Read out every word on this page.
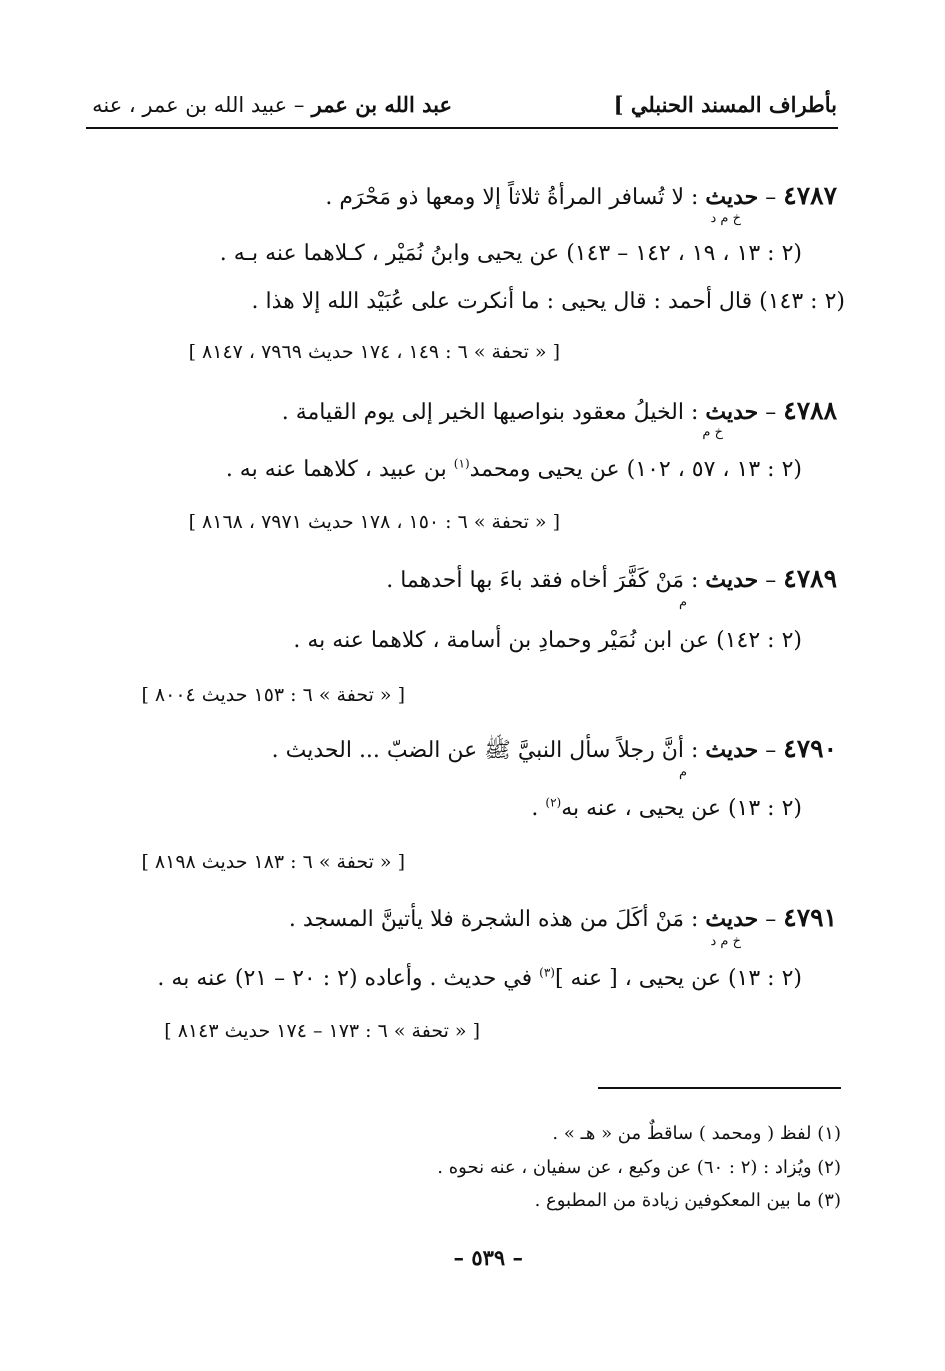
بأطراف المسند الحنبلي ]
عبد الله بن عمر – عبيد الله بن عمر ، عنه
٤٧٨٧ – حديث : لا تُسافر المرأةُ ثلاثاً إلا ومعها ذو مَحْرَم .
خ م د
(٢ : ١٣ ، ١٩ ، ١٤٢ – ١٤٣) عن يحيى وابنُ نُمَيْر ، كـلاهما عنه بـه .
(٢ : ١٤٣) قال أحمد : قال يحيى : ما أنكرت على عُبَيْد الله إلا هذا .
[ « تحفة » ٦ : ١٤٩ ، ١٧٤ حديث ٧٩٦٩ ، ٨١٤٧ ]
٤٧٨٨ – حديث : الخيلُ معقود بنواصيها الخير إلى يوم القيامة .
خ م
(٢ : ١٣ ، ٥٧ ، ١٠٢) عن يحيى ومحمد$^{(١)}$ بن عبيد ، كلاهما عنه به .
[ « تحفة » ٦ : ١٥٠ ، ١٧٨ حديث ٧٩٧١ ، ٨١٦٨ ]
٤٧٨٩ – حديث : مَنْ كَفَّرَ أخاه فقد باءَ بها أحدهما .
م
(٢ : ١٤٢) عن ابن نُمَيْر وحمادِ بن أسامة ، كلاهما عنه به .
[ « تحفة » ٦ : ١٥٣ حديث ٨٠٠٤ ]
٤٧٩٠ – حديث : أنَّ رجلاً سأل النبيَّ ﷺ عن الضبّ ... الحديث .
م
(٢ : ١٣) عن يحيى ، عنه به$^{(٢)}$ .
[ « تحفة » ٦ : ١٨٣ حديث ٨١٩٨ ]
٤٧٩١ – حديث : مَنْ أكَلَ من هذه الشجرة فلا يأتينَّ المسجد .
خ م د
(٢ : ١٣) عن يحيى ، [ عنه ]$^{(٣)}$ في حديث . وأعاده (٢ : ٢٠ – ٢١) عنه به .
[ « تحفة » ٦ : ١٧٣ – ١٧٤ حديث ٨١٤٣ ]
(١) لفظ ( ومحمد ) ساقطٌ من « هـ » .
(٢) ويُزاد : (٢ : ٦٠) عن وكيع ، عن سفيان ، عنه نحوه .
(٣) ما بين المعكوفين زيادة من المطبوع .
– ٥٣٩ –
